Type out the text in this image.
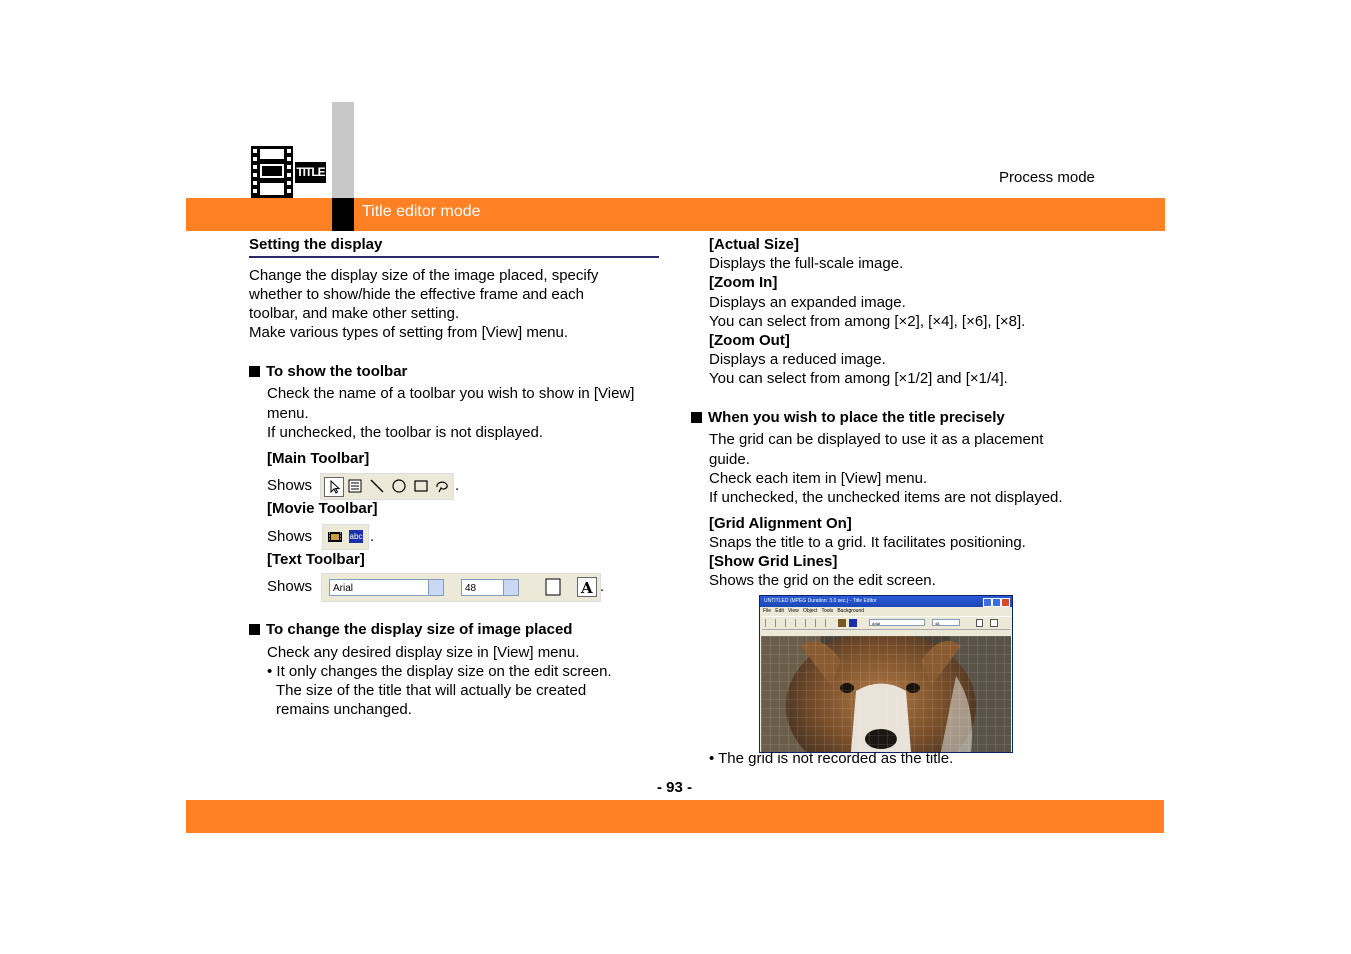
Title editor mode
Process mode
TITLE
Setting the display
Change the display size of the image placed, specify
whether to show/hide the effective frame and each
toolbar, and make other setting.
Make various types of setting from [View] menu.
To show the toolbar
Check the name of a toolbar you wish to show in [View]
menu.
If unchecked, the toolbar is not displayed.
[Main Toolbar]
Shows	.
[Movie Toolbar]
Shows	abc .
[Text Toolbar]
Shows	Arial	48	A .
To change the display size of image placed
Check any desired display size in [View] menu.
• It only changes the display size on the edit screen.
The size of the title that will actually be created
remains unchanged.
[Actual Size]
Displays the full-scale image.
[Zoom In]
Displays an expanded image.
You can select from among [×2], [×4], [×6], [×8].
[Zoom Out]
Displays a reduced image.
You can select from among [×1/2] and [×1/4].
When you wish to place the title precisely
The grid can be displayed to use it as a placement
guide.
Check each item in [View] menu.
If unchecked, the unchecked items are not displayed.
[Grid Alignment On]
Snaps the title to a grid. It facilitates positioning.
[Show Grid Lines]
Shows the grid on the edit screen.
UNTITLED (MPEG Duration: 3.0 sec.) - Title Editor
File Edit View Object Tools Background
Arial	48
• The grid is not recorded as the title.
- 93 -
